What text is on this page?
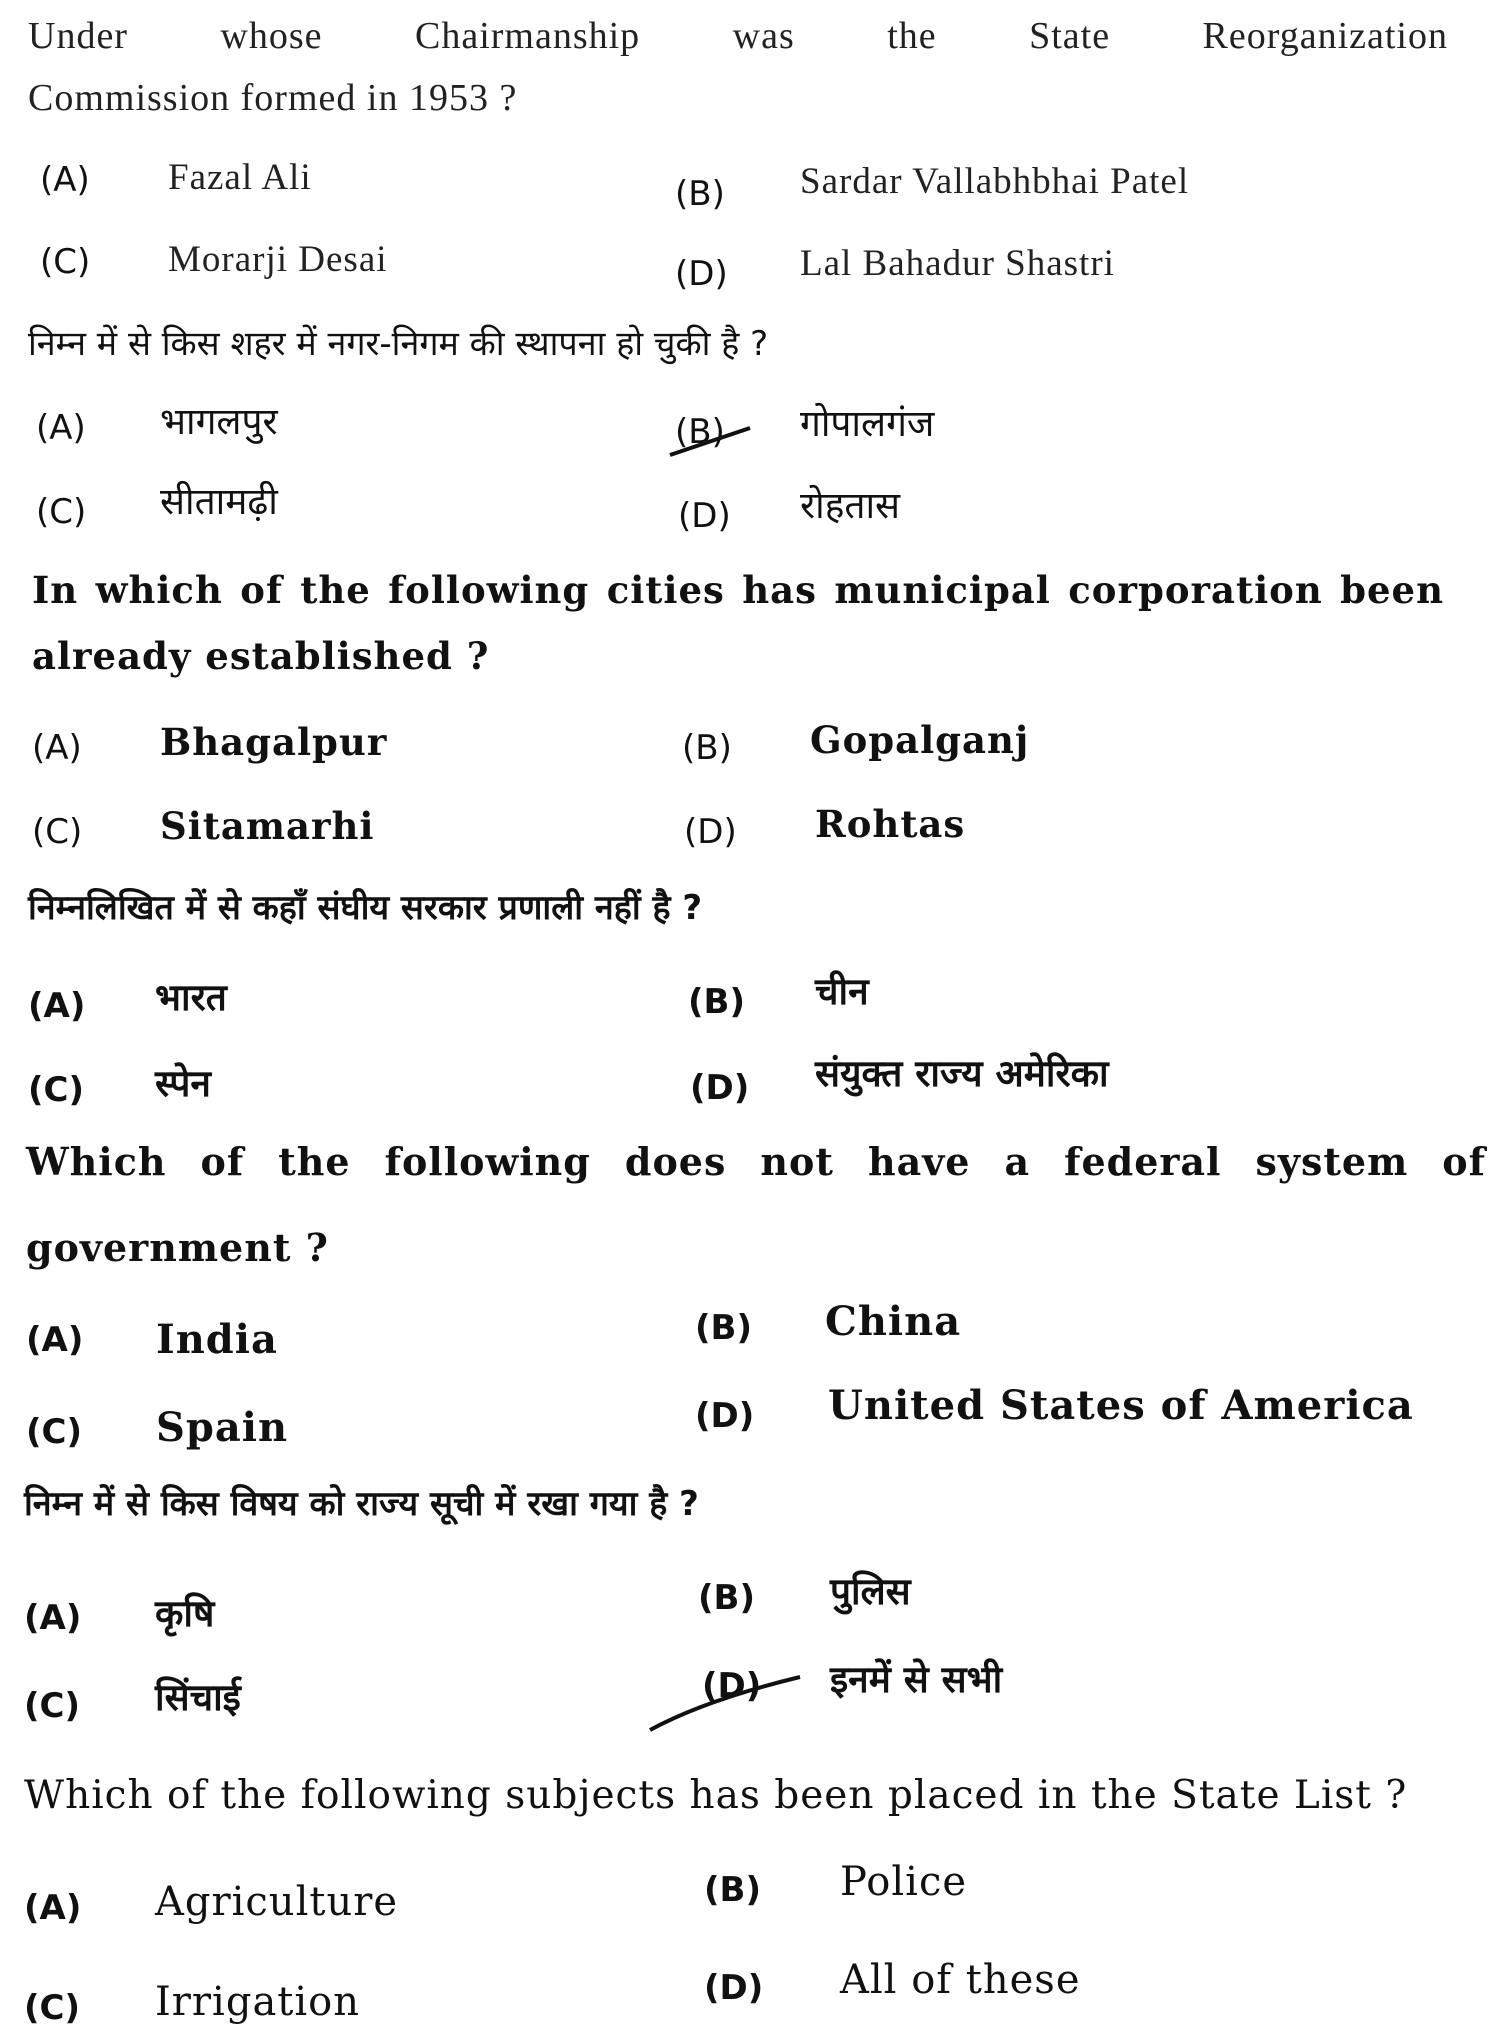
Under whose Chairmanship was the State Reorganization
Commission formed in 1953 ?
(A) Fazal Ali	(B) Sardar Vallabhbhai Patel
(C) Morarji Desai	(D) Lal Bahadur Shastri
निम्न में से किस शहर में नगर-निगम की स्थापना हो चुकी है ?
(A) भागलपुर	(B) गोपालगंज
(C) सीतामढ़ी	(D) रोहतास
In which of the following cities has municipal corporation been
already established ?
(A) Bhagalpur	(B) Gopalganj
(C) Sitamarhi	(D) Rohtas
निम्नलिखित में से कहाँ संघीय सरकार प्रणाली नहीं है ?
(A) भारत	(B) चीन
(C) स्पेन	(D) संयुक्त राज्य अमेरिका
Which of the following does not have a federal system of
government ?
(A) India	(B) China
(C) Spain	(D) United States of America
निम्न में से किस विषय को राज्य सूची में रखा गया है ?
(A) कृषि	(B) पुलिस
(C) सिंचाई	(D) इनमें से सभी
Which of the following subjects has been placed in the State List ?
(A) Agriculture	(B) Police
(C) Irrigation	(D) All of these
